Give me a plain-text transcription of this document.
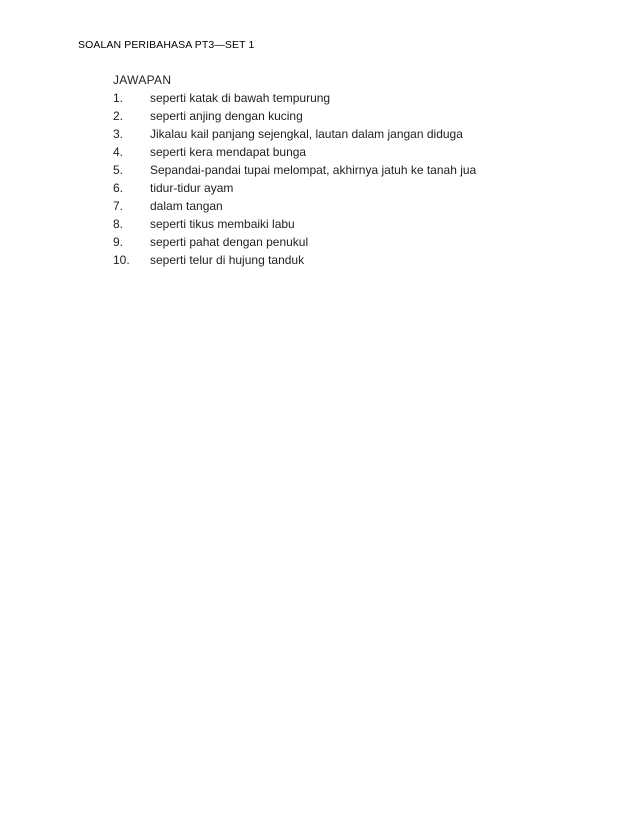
SOALAN PERIBAHASA PT3—SET 1
JAWAPAN
1.	seperti katak di bawah tempurung
2.	seperti anjing dengan kucing
3.	Jikalau kail panjang sejengkal, lautan dalam jangan diduga
4.	seperti kera mendapat bunga
5.	Sepandai-pandai tupai melompat, akhirnya jatuh ke tanah jua
6.	tidur-tidur ayam
7.	dalam tangan
8.	seperti tikus membaiki labu
9.	seperti pahat dengan penukul
10.	seperti telur di hujung tanduk
